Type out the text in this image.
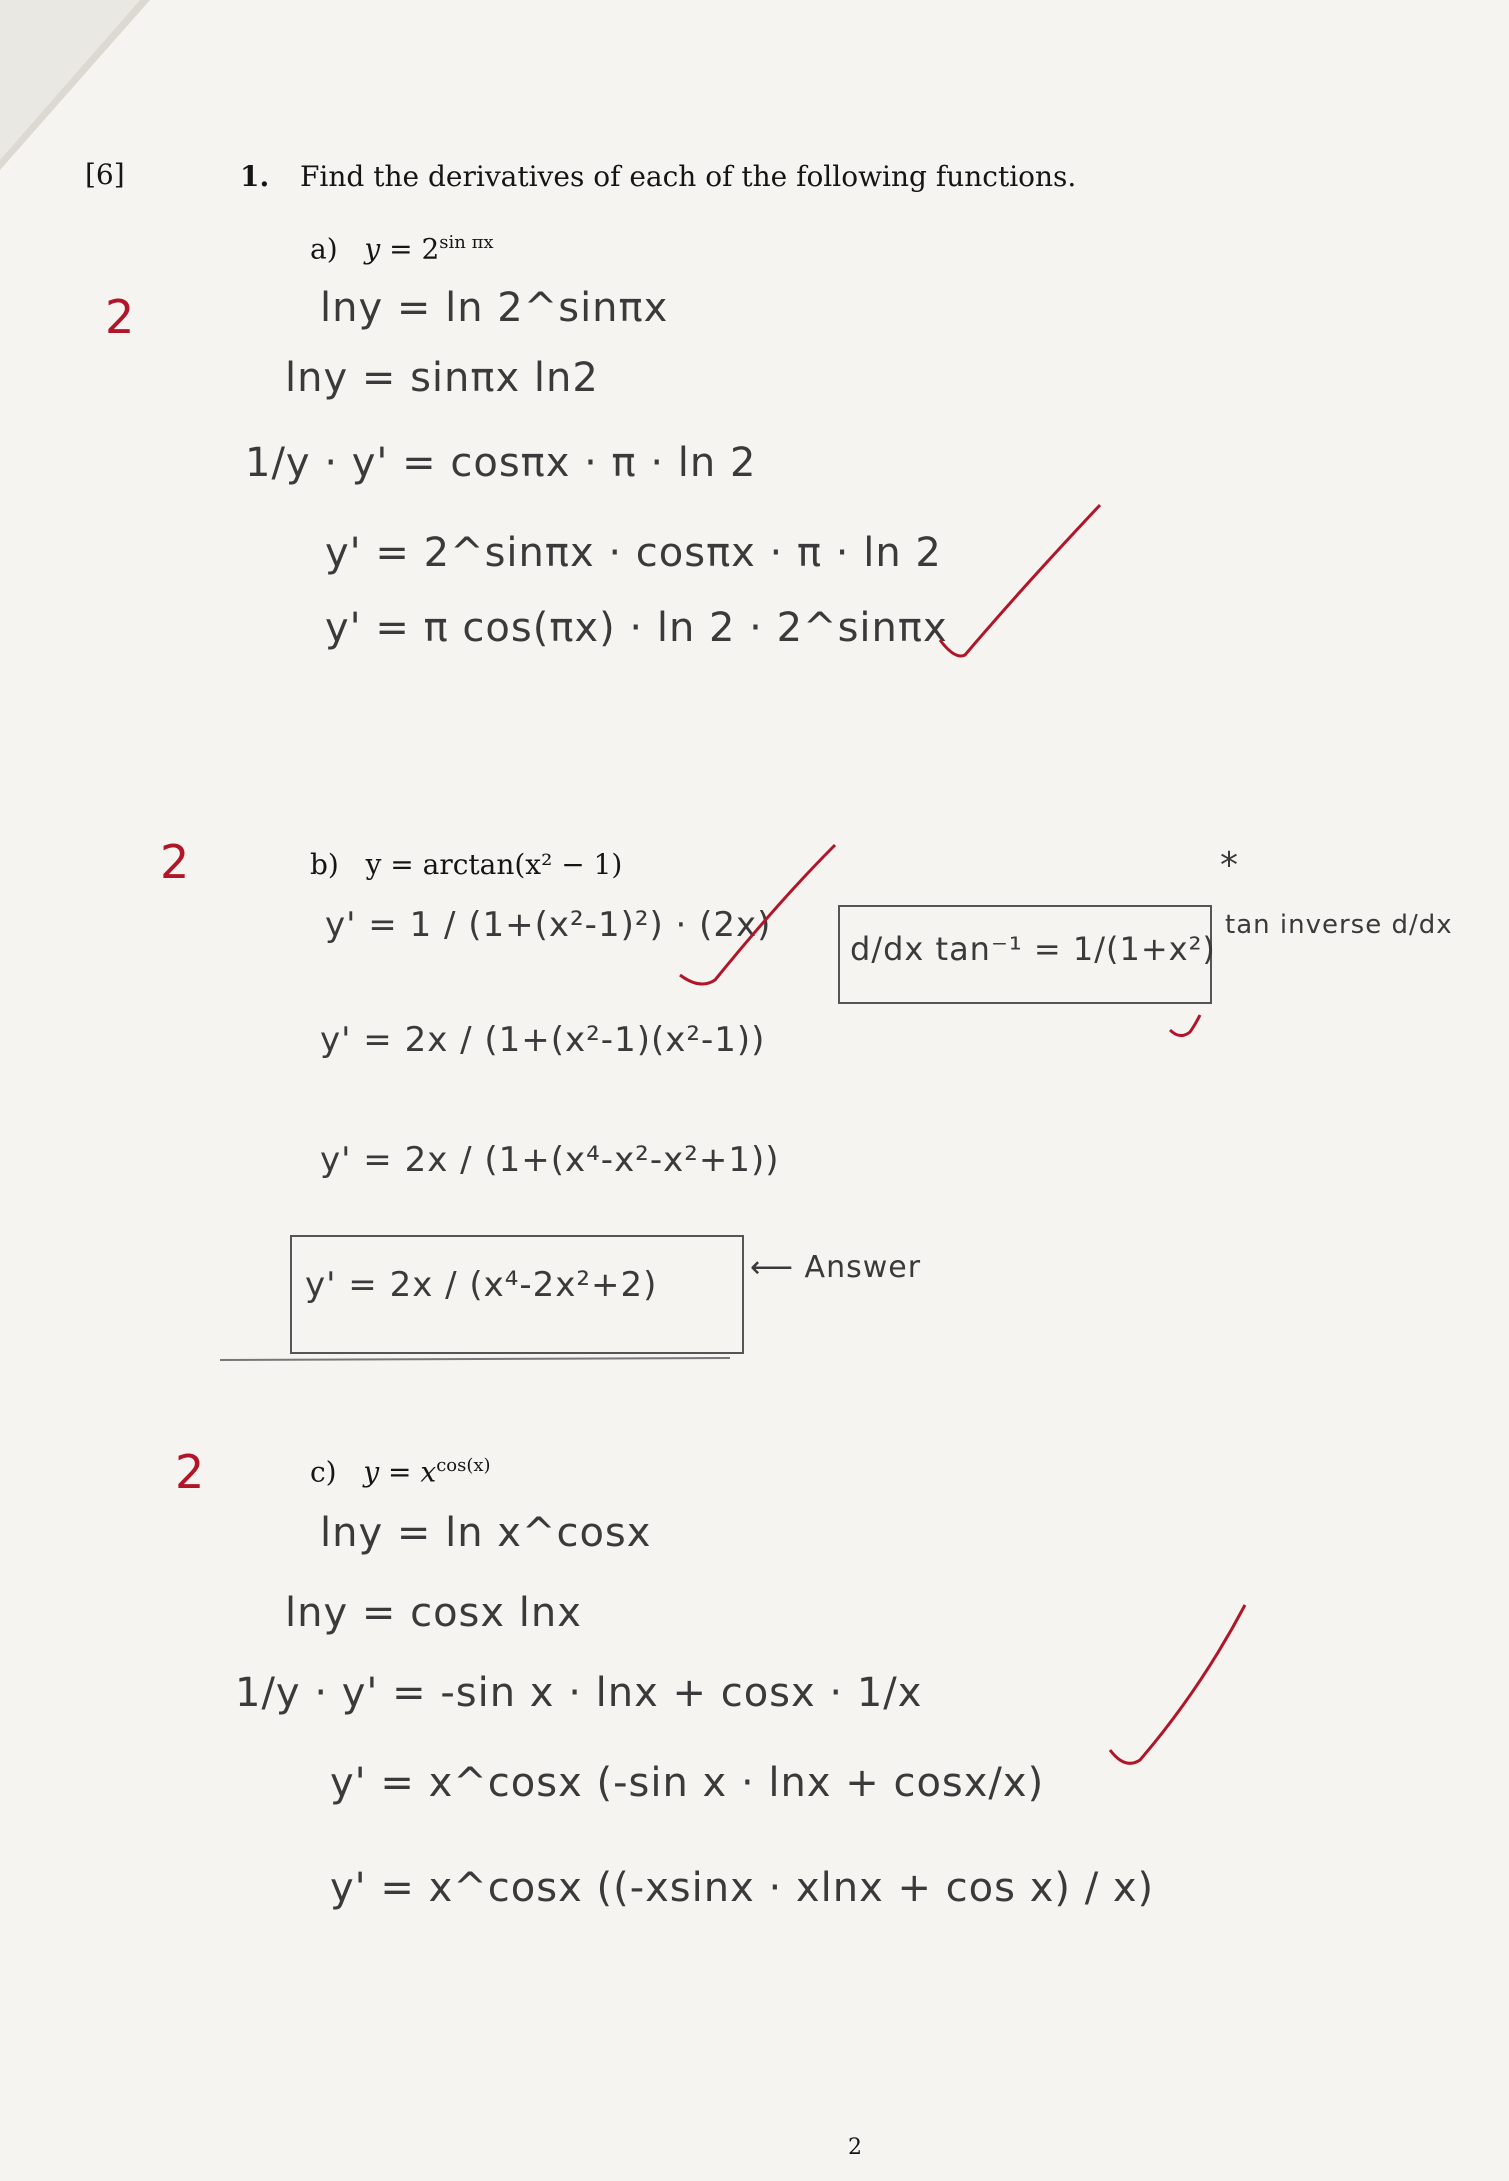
[6]	1. Find the derivatives of each of the following functions.
a) $y = 2^{sin \pi x}$
2	lny = ln 2^sinπx
lny = sinπx ln2
1/y · y' = cosπx · π · ln 2
y' = 2^sinπx · cosπx · π · ln 2
y' = π cos(πx) · ln 2 · 2^sinπx
b) y = arctan(x² − 1)
2
y' = 1 / (1+(x²-1)²) · (2x)
y' = 2x / (1+(x²-1)(x²-1))
y' = 2x / (1+(x⁴-x²-x²+1))
y' = 2x / (x⁴-2x²+2)	⟵ Answer
d/dx tan⁻¹ = 1/(1+x²)
tan inverse d/dx
*
c) $y = x^{cos(x)}$
2
lny = ln x^cosx
lny = cosx lnx
1/y · y' = -sin x · lnx + cosx · 1/x
y' = x^cosx (-sin x · lnx + cosx/x)
y' = x^cosx ((-xsinx · xlnx + cos x) / x)
2
